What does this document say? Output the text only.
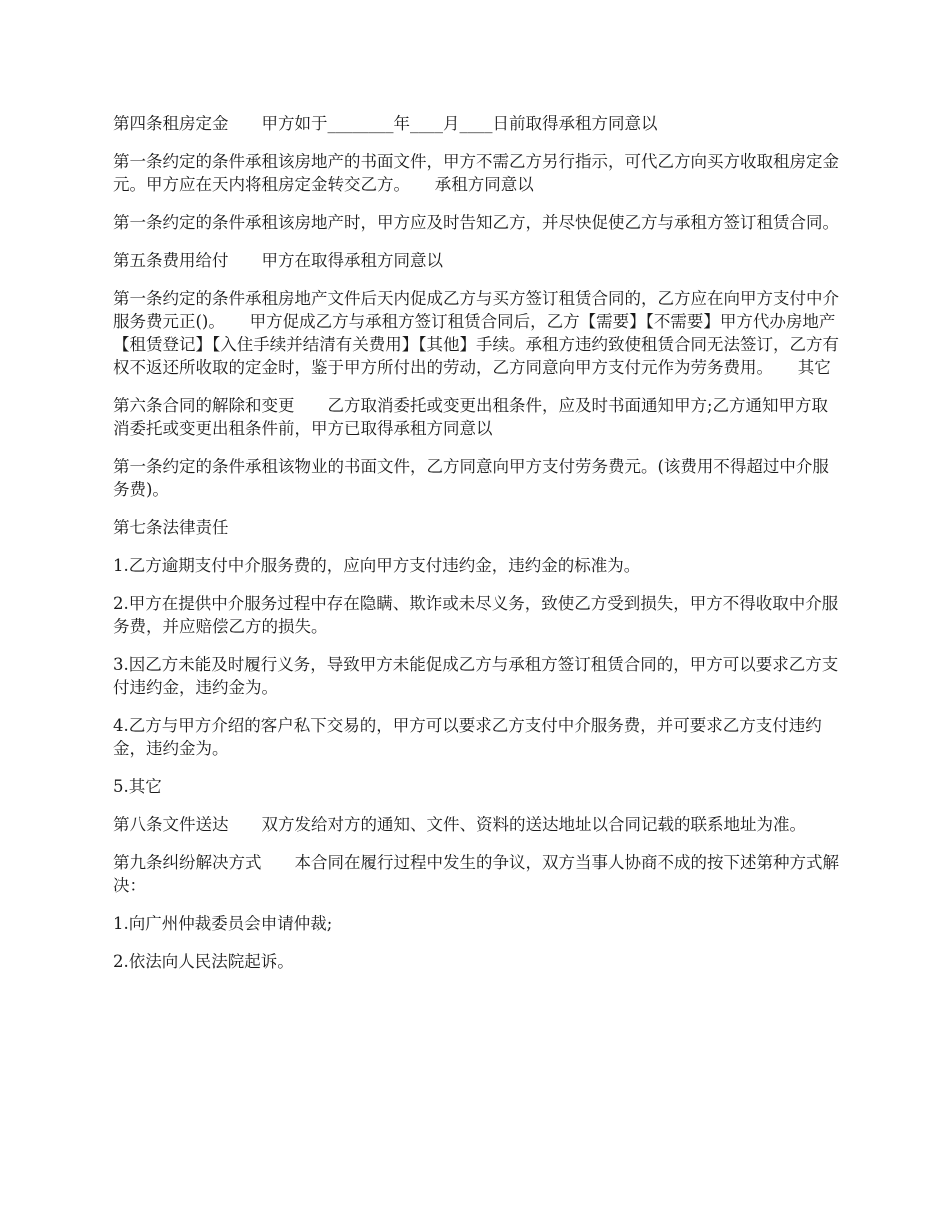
第四条租房定金　　甲方如于________年____月____日前取得承租方同意以

第一条约定的条件承租该房地产的书面文件，甲方不需乙方另行指示，可代乙方向买方收取租房定金元。甲方应在天内将租房定金转交乙方。　　承租方同意以

第一条约定的条件承租该房地产时，甲方应及时告知乙方，并尽快促使乙方与承租方签订租赁合同。

第五条费用给付　　甲方在取得承租方同意以

第一条约定的条件承租房地产文件后天内促成乙方与买方签订租赁合同的，乙方应在向甲方支付中介服务费元正()。　　甲方促成乙方与承租方签订租赁合同后，乙方【需要】【不需要】甲方代办房地产【租赁登记】【入住手续并结清有关费用】【其他】手续。承租方违约致使租赁合同无法签订，乙方有权不返还所收取的定金时，鉴于甲方所付出的劳动，乙方同意向甲方支付元作为劳务费用。　　其它

第六条合同的解除和变更　　乙方取消委托或变更出租条件，应及时书面通知甲方;乙方通知甲方取消委托或变更出租条件前，甲方已取得承租方同意以

第一条约定的条件承租该物业的书面文件，乙方同意向甲方支付劳务费元。(该费用不得超过中介服务费)。

第七条法律责任

1.乙方逾期支付中介服务费的，应向甲方支付违约金，违约金的标准为。

2.甲方在提供中介服务过程中存在隐瞒、欺诈或未尽义务，致使乙方受到损失，甲方不得收取中介服务费，并应赔偿乙方的损失。

3.因乙方未能及时履行义务，导致甲方未能促成乙方与承租方签订租赁合同的，甲方可以要求乙方支付违约金，违约金为。

4.乙方与甲方介绍的客户私下交易的，甲方可以要求乙方支付中介服务费，并可要求乙方支付违约金，违约金为。

5.其它

第八条文件送达　　双方发给对方的通知、文件、资料的送达地址以合同记载的联系地址为准。

第九条纠纷解决方式　　本合同在履行过程中发生的争议，双方当事人协商不成的按下述第种方式解决：

1.向广州仲裁委员会申请仲裁;

2.依法向人民法院起诉。
